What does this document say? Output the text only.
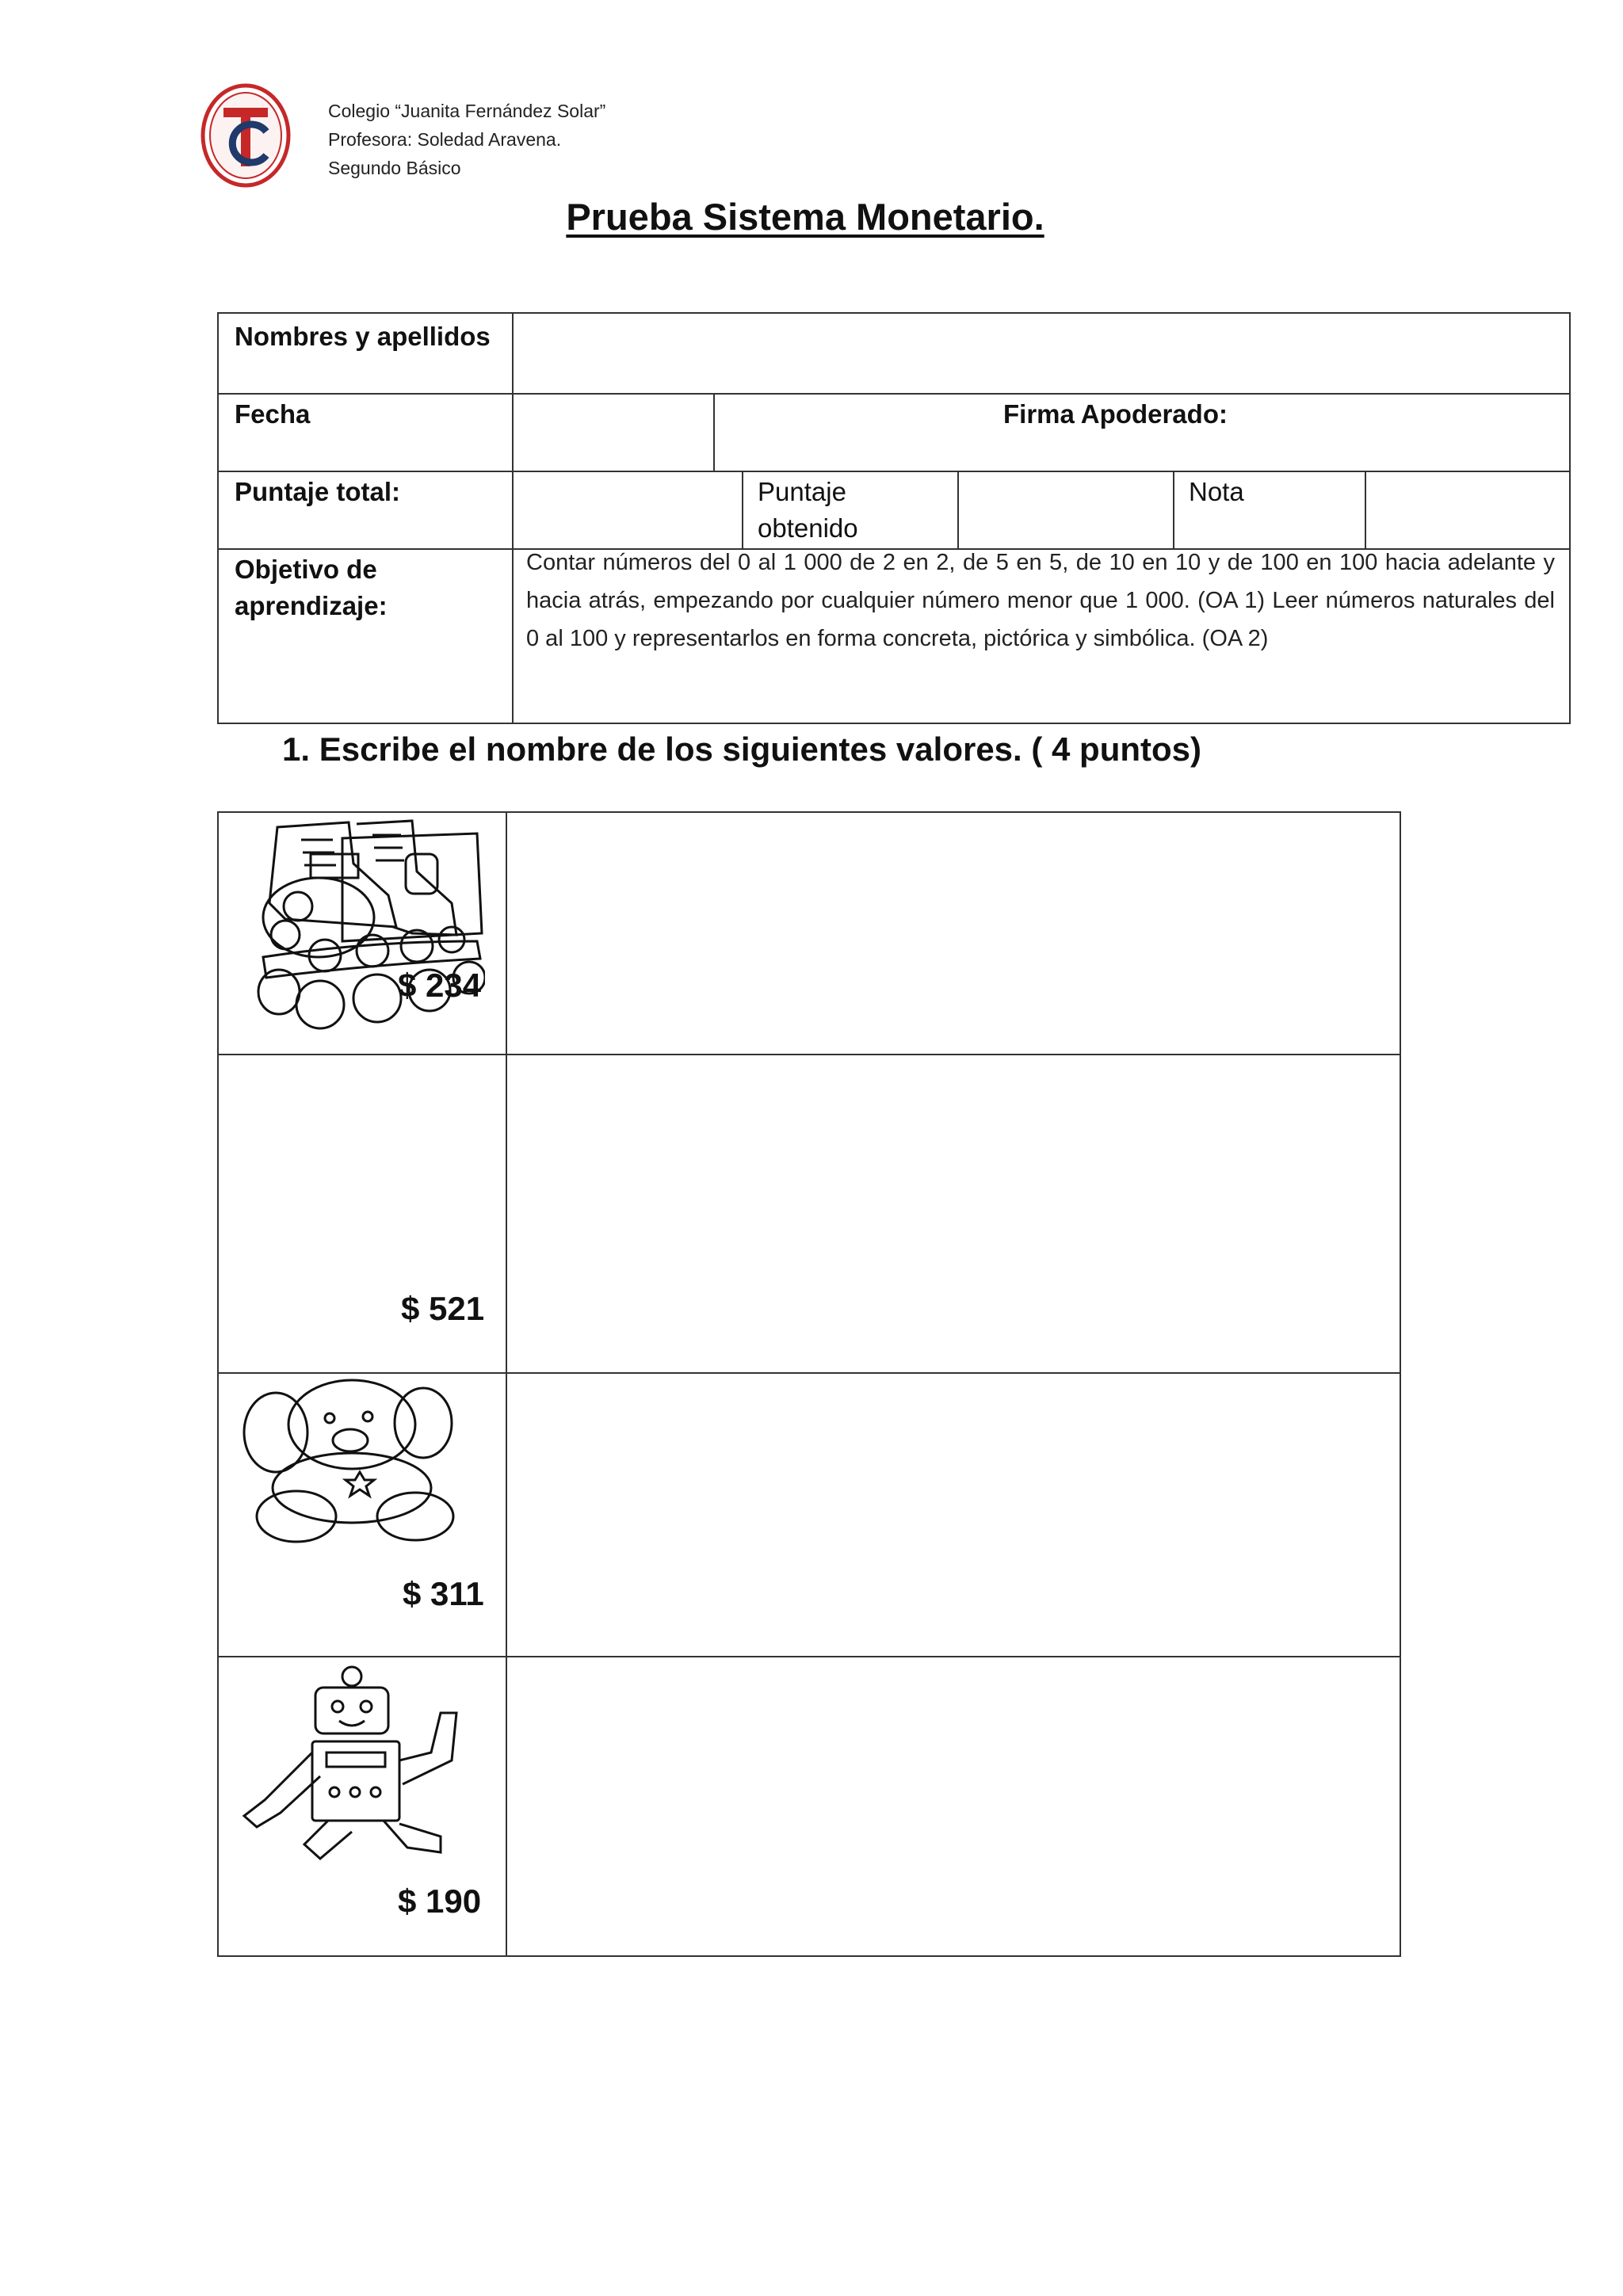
Colegio “Juanita Fernández Solar”
Profesora: Soledad Aravena.
Segundo Básico
Prueba Sistema Monetario.
Nombres y apellidos
Fecha	Firma Apoderado:
Puntaje total:	Puntaje
obtenido
Nota
Objetivo de
aprendizaje:
Contar números del 0 al 1 000 de 2 en 2, de 5 en 5, de 10 en 10 y de 100 en 100 hacia adelante y hacia atrás, empezando por cualquier número menor que 1 000. (OA 1) Leer números naturales del 0 al 100 y representarlos en forma concreta, pictórica y simbólica. (OA 2)
1. Escribe el nombre de los siguientes valores. ( 4 puntos)
$ 234
$ 521
$ 311
$ 190
